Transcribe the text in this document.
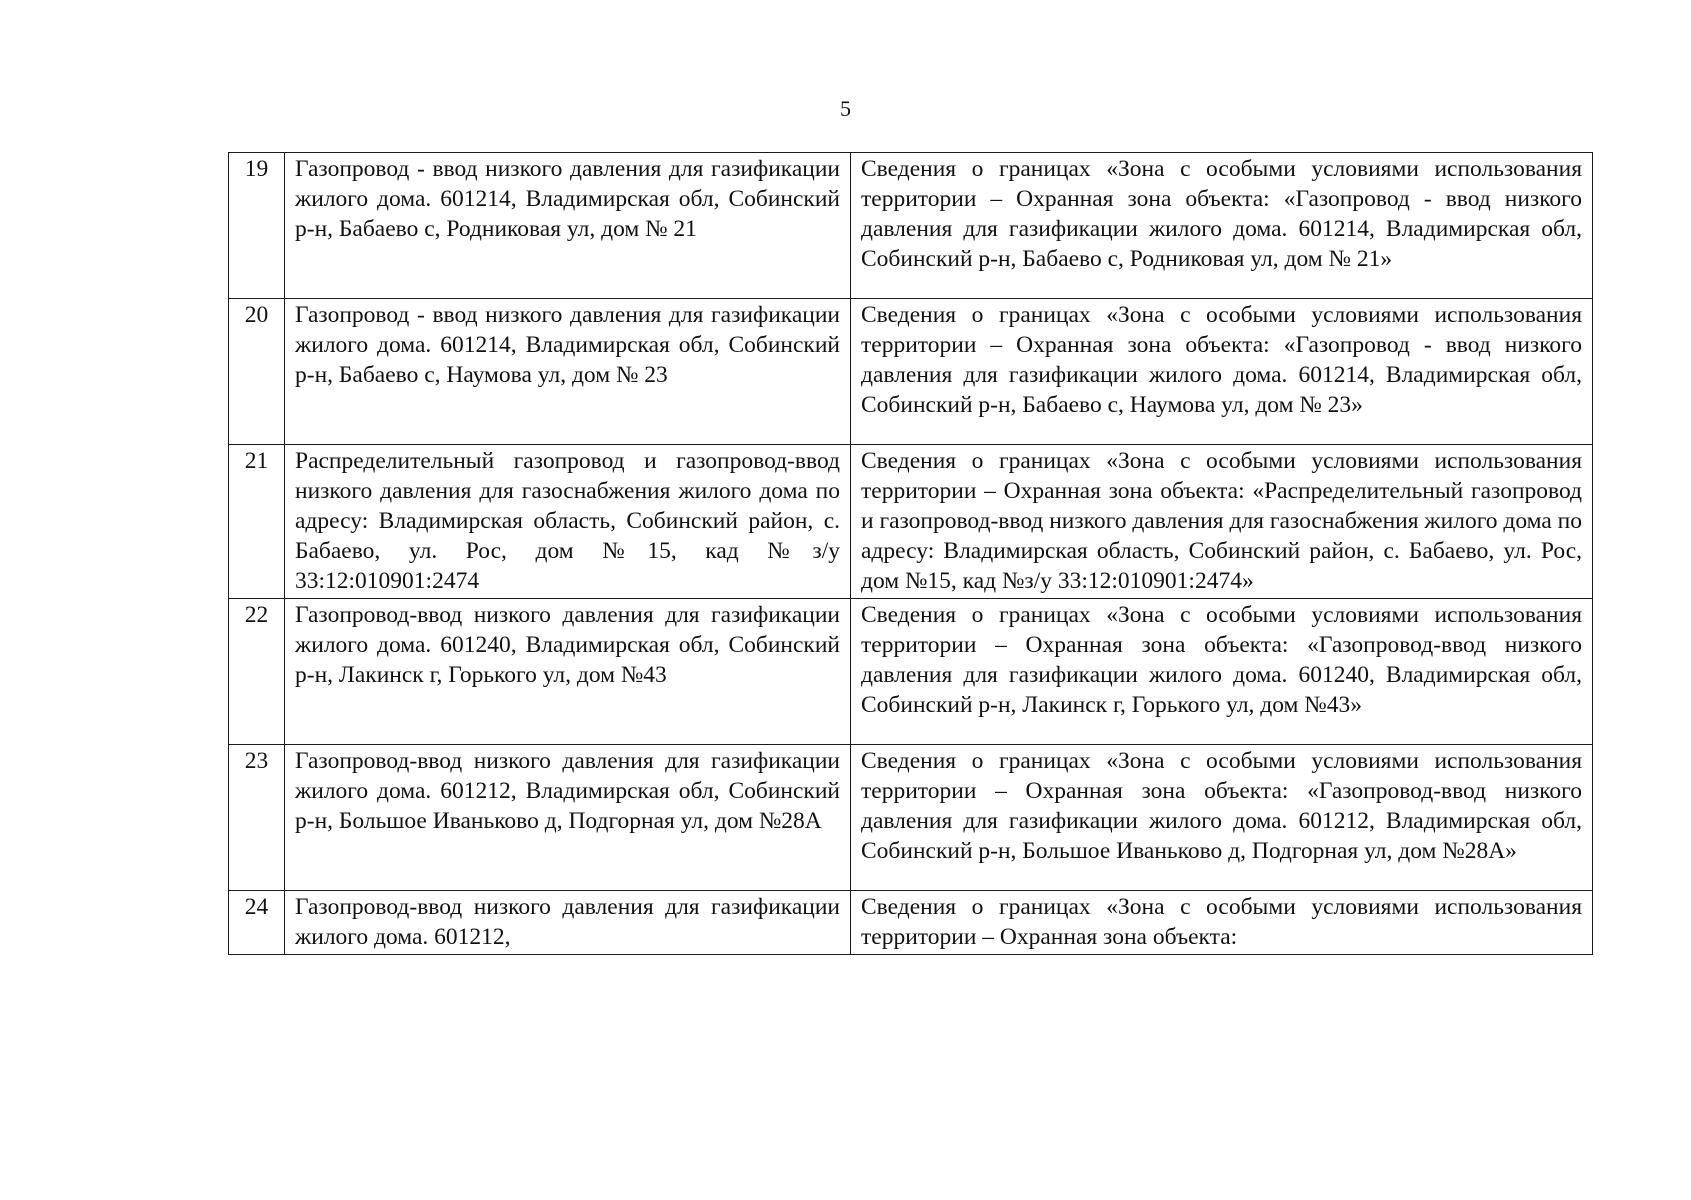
5
19	Газопровод - ввод низкого давления для газификации жилого дома. 601214, Владимирская обл, Собинский р-н, Бабаево с, Родниковая ул, дом № 21	Сведения о границах «Зона с особыми условиями использования территории – Охранная зона объекта: «Газопровод - ввод низкого давления для газификации жилого дома. 601214, Владимирская обл, Собинский р-н, Бабаево с, Родниковая ул, дом № 21»
20	Газопровод - ввод низкого давления для газификации жилого дома. 601214, Владимирская обл, Собинский р-н, Бабаево с, Наумова ул, дом № 23	Сведения о границах «Зона с особыми условиями использования территории – Охранная зона объекта: «Газопровод - ввод низкого давления для газификации жилого дома. 601214, Владимирская обл, Собинский р-н, Бабаево с, Наумова ул, дом № 23»
21	Распределительный газопровод и газопровод-ввод низкого давления для газоснабжения жилого дома по адресу: Владимирская область, Собинский район, с. Бабаево, ул. Рос, дом №15, кад №з/у 33:12:010901:2474	Сведения о границах «Зона с особыми условиями использования территории – Охранная зона объекта: «Распределительный газопровод и газопровод-ввод низкого давления для газоснабжения жилого дома по адресу: Владимирская область, Собинский район, с. Бабаево, ул. Рос, дом №15, кад №з/у 33:12:010901:2474»
22	Газопровод-ввод низкого давления для газификации жилого дома. 601240, Владимирская обл, Собинский р-н, Лакинск г, Горького ул, дом №43	Сведения о границах «Зона с особыми условиями использования территории – Охранная зона объекта: «Газопровод-ввод низкого давления для газификации жилого дома. 601240, Владимирская обл, Собинский р-н, Лакинск г, Горького ул, дом №43»
23	Газопровод-ввод низкого давления для газификации жилого дома. 601212, Владимирская обл, Собинский р-н, Большое Иваньково д, Подгорная ул, дом №28А	Сведения о границах «Зона с особыми условиями использования территории – Охранная зона объекта: «Газопровод-ввод низкого давления для газификации жилого дома. 601212, Владимирская обл, Собинский р-н, Большое Иваньково д, Подгорная ул, дом №28А»
24	Газопровод-ввод низкого давления для газификации жилого дома. 601212,	Сведения о границах «Зона с особыми условиями использования территории – Охранная зона объекта:
